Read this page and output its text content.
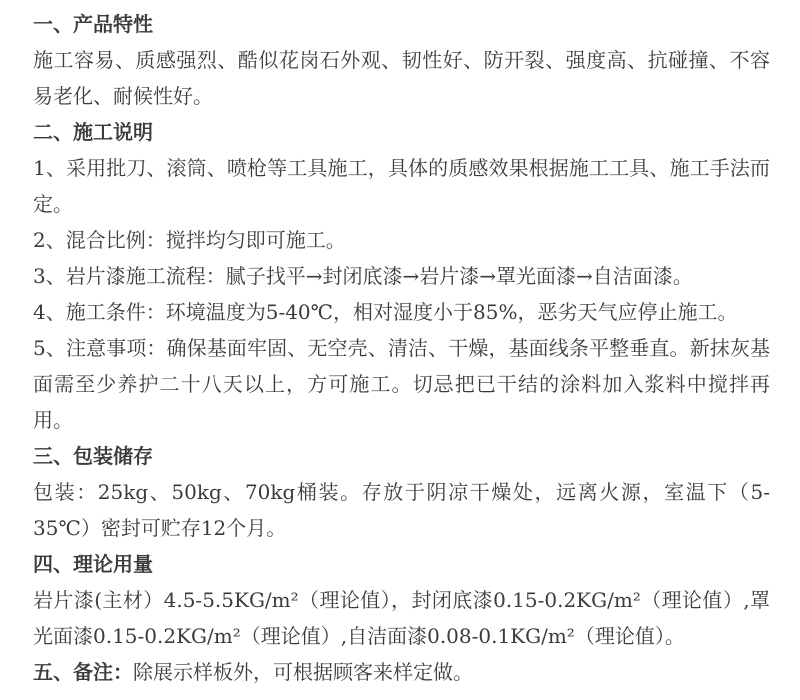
一、产品特性

施工容易、质感强烈、酷似花岗石外观、韧性好、防开裂、强度高、抗碰撞、不容易老化、耐候性好。

二、施工说明

1、采用批刀、滚筒、喷枪等工具施工，具体的质感效果根据施工工具、施工手法而定。

2、混合比例：搅拌均匀即可施工。

3、岩片漆施工流程：腻子找平→封闭底漆→岩片漆→罩光面漆→自洁面漆。

4、施工条件：环境温度为5-40℃，相对湿度小于85%，恶劣天气应停止施工。

5、注意事项：确保基面牢固、无空壳、清洁、干燥，基面线条平整垂直。新抹灰基面需至少养护二十八天以上，方可施工。切忌把已干结的涂料加入浆料中搅拌再用。

三、包装储存

包装：25kg、50kg、70kg桶装。存放于阴凉干燥处，远离火源，室温下（5-35℃）密封可贮存12个月。

四、理论用量

岩片漆(主材）4.5-5.5KG/m²（理论值），封闭底漆0.15-0.2KG/m²（理论值）,罩光面漆0.15-0.2KG/m²（理论值）,自洁面漆0.08-0.1KG/m²（理论值）。

五、备注：除展示样板外，可根据顾客来样定做。
